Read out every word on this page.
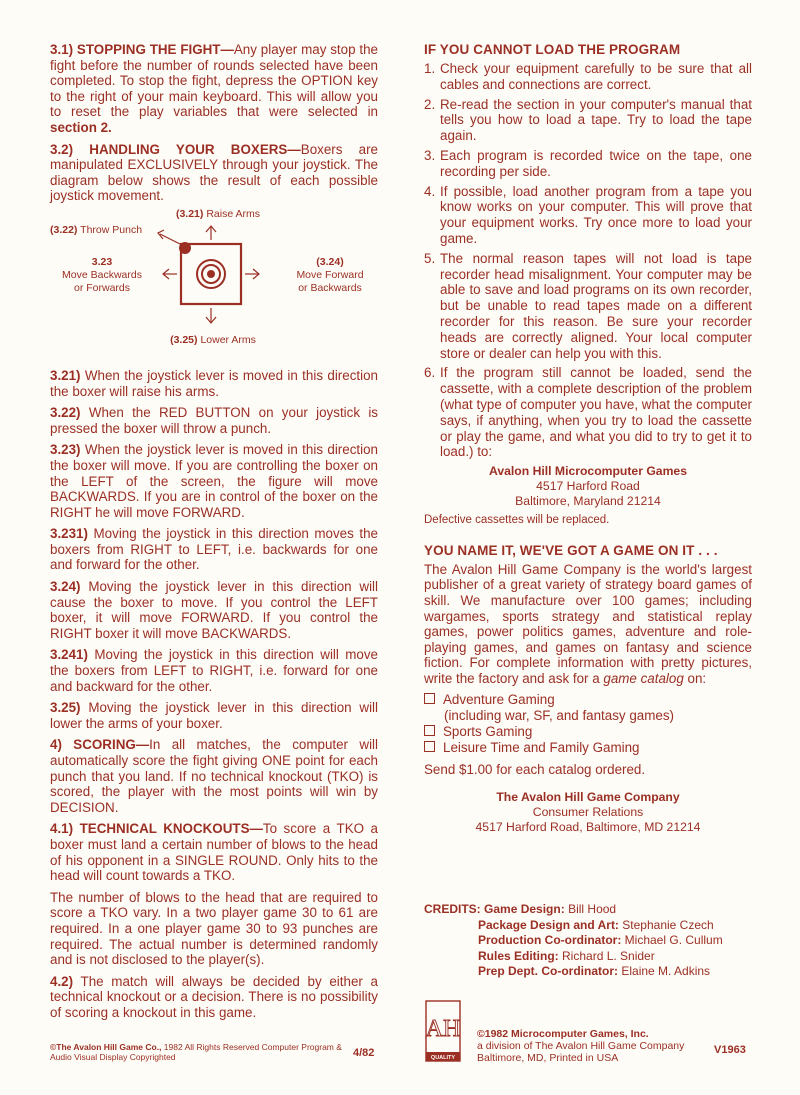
3.1) STOPPING THE FIGHT—Any player may stop the fight before the number of rounds selected have been completed. To stop the fight, depress the OPTION key to the right of your main keyboard. This will allow you to reset the play variables that were selected in section 2.

3.2) HANDLING YOUR BOXERS—Boxers are manipulated EXCLUSIVELY through your joystick. The diagram below shows the result of each possible joystick movement.

(3.21) Raise Arms
(3.22) Throw Punch
3.23
Move Backwards
or Forwards
(3.24)
Move Forward
or Backwards
(3.25) Lower Arms

3.21) When the joystick lever is moved in this direction the boxer will raise his arms.

3.22) When the RED BUTTON on your joystick is pressed the boxer will throw a punch.

3.23) When the joystick lever is moved in this direction the boxer will move. If you are controlling the boxer on the LEFT of the screen, the figure will move BACKWARDS. If you are in control of the boxer on the RIGHT he will move FORWARD.

3.231) Moving the joystick in this direction moves the boxers from RIGHT to LEFT, i.e. backwards for one and forward for the other.

3.24) Moving the joystick lever in this direction will cause the boxer to move. If you control the LEFT boxer, it will move FORWARD. If you control the RIGHT boxer it will move BACKWARDS.

3.241) Moving the joystick in this direction will move the boxers from LEFT to RIGHT, i.e. forward for one and backward for the other.

3.25) Moving the joystick lever in this direction will lower the arms of your boxer.

4) SCORING—In all matches, the computer will automatically score the fight giving ONE point for each punch that you land. If no technical knockout (TKO) is scored, the player with the most points will win by DECISION.

4.1) TECHNICAL KNOCKOUTS—To score a TKO a boxer must land a certain number of blows to the head of his opponent in a SINGLE ROUND. Only hits to the head will count towards a TKO.

The number of blows to the head that are required to score a TKO vary. In a two player game 30 to 61 are required. In a one player game 30 to 93 punches are required. The actual number is determined randomly and is not disclosed to the player(s).

4.2) The match will always be decided by either a technical knockout or a decision. There is no possibility of scoring a knockout in this game.

IF YOU CANNOT LOAD THE PROGRAM
1. Check your equipment carefully to be sure that all cables and connections are correct.
2. Re-read the section in your computer's manual that tells you how to load a tape. Try to load the tape again.
3. Each program is recorded twice on the tape, one recording per side.
4. If possible, load another program from a tape you know works on your computer. This will prove that your equipment works. Try once more to load your game.
5. The normal reason tapes will not load is tape recorder head misalignment. Your computer may be able to save and load programs on its own recorder, but be unable to read tapes made on a different recorder for this reason. Be sure your recorder heads are correctly aligned. Your local computer store or dealer can help you with this.
6. If the program still cannot be loaded, send the cassette, with a complete description of the problem (what type of computer you have, what the computer says, if anything, when you try to load the cassette or play the game, and what you did to try to get it to load.) to:
Avalon Hill Microcomputer Games
4517 Harford Road
Baltimore, Maryland 21214

Defective cassettes will be replaced.

YOU NAME IT, WE'VE GOT A GAME ON IT . . .

The Avalon Hill Game Company is the world's largest publisher of a great variety of strategy board games of skill. We manufacture over 100 games; including wargames, sports strategy and statistical replay games, power politics games, adventure and role-playing games, and games on fantasy and science fiction. For complete information with pretty pictures, write the factory and ask for a game catalog on:

Adventure Gaming

(including war, SF, and fantasy games)

Sports Gaming

Leisure Time and Family Gaming

Send $1.00 for each catalog ordered.

The Avalon Hill Game Company
Consumer Relations
4517 Harford Road, Baltimore, MD 21214
CREDITS: Game Design: Bill Hood
Package Design and Art: Stephanie Czech
Production Co-ordinator: Michael G. Cullum
Rules Editing: Richard L. Snider
Prep Dept. Co-ordinator: Elaine M. Adkins
©The Avalon Hill Game Co., 1982 All Rights Reserved Computer Program &
Audio Visual Display Copyrighted	4/82
AH
QUALITY
©1982 Microcomputer Games, Inc.
a division of The Avalon Hill Game Company
Baltimore, MD, Printed in USA
V1963
